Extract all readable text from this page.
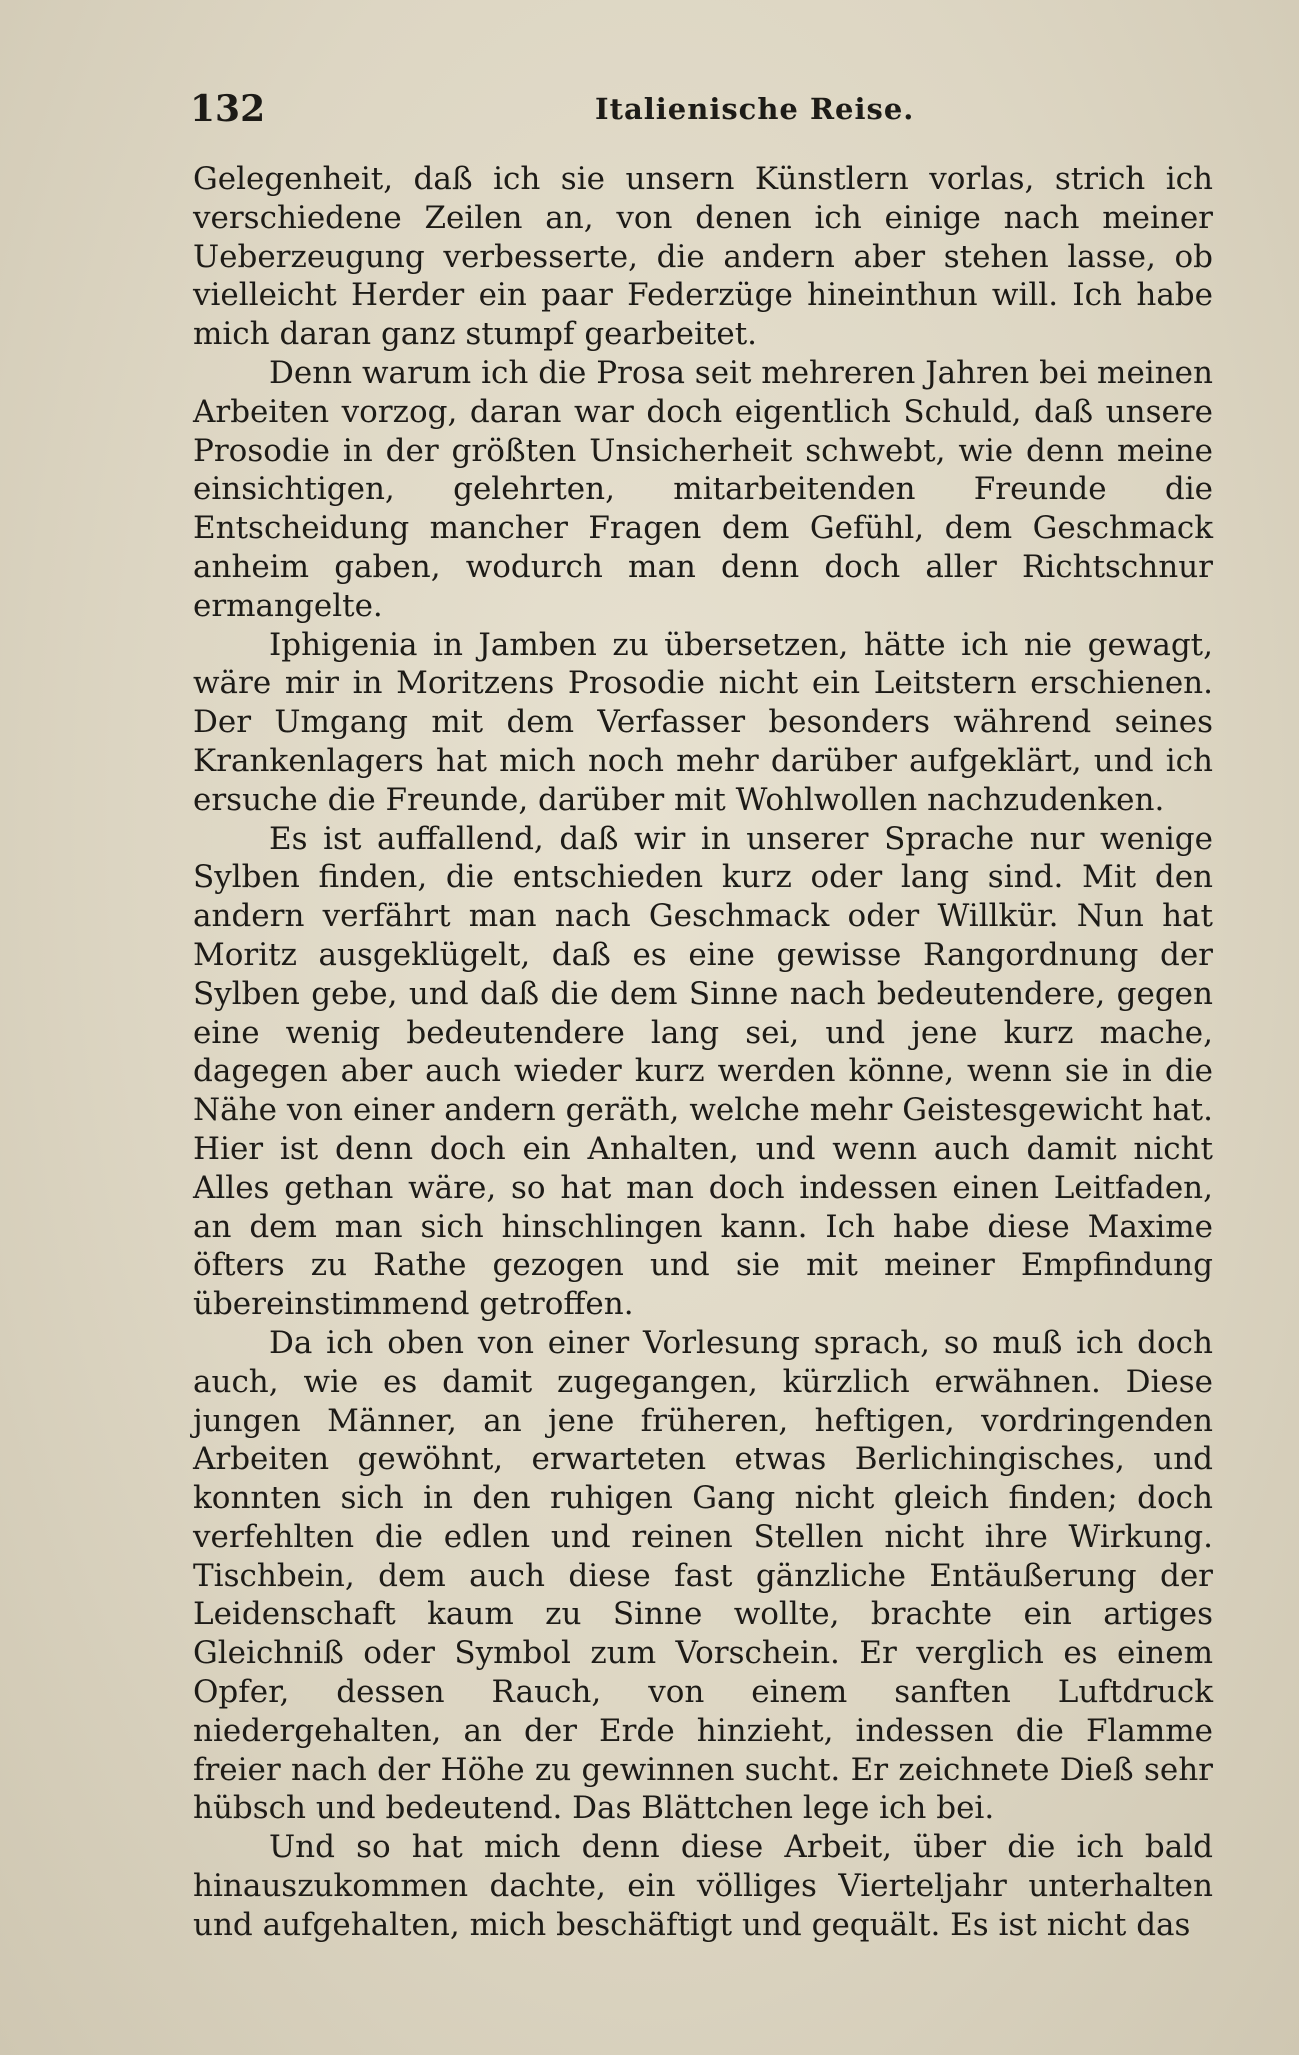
132	Italienische Reise.

Gelegenheit, daß ich sie unsern Künstlern vorlas, strich ich verschiedene Zeilen an, von denen ich einige nach meiner Ueberzeugung verbesserte, die andern aber stehen lasse, ob vielleicht Herder ein paar Federzüge hineinthun will. Ich habe mich daran ganz stumpf gearbeitet.

Denn warum ich die Prosa seit mehreren Jahren bei meinen Arbeiten vorzog, daran war doch eigentlich Schuld, daß unsere Prosodie in der größten Unsicherheit schwebt, wie denn meine einsichtigen, gelehrten, mitarbeitenden Freunde die Entscheidung mancher Fragen dem Gefühl, dem Geschmack anheim gaben, wodurch man denn doch aller Richtschnur ermangelte.

Iphigenia in Jamben zu übersetzen, hätte ich nie gewagt, wäre mir in Moritzens Prosodie nicht ein Leitstern erschienen. Der Umgang mit dem Verfasser besonders während seines Krankenlagers hat mich noch mehr darüber aufgeklärt, und ich ersuche die Freunde, darüber mit Wohlwollen nachzudenken.

Es ist auffallend, daß wir in unserer Sprache nur wenige Sylben finden, die entschieden kurz oder lang sind. Mit den andern verfährt man nach Geschmack oder Willkür. Nun hat Moritz ausgeklügelt, daß es eine gewisse Rangordnung der Sylben gebe, und daß die dem Sinne nach bedeutendere, gegen eine wenig bedeutendere lang sei, und jene kurz mache, dagegen aber auch wieder kurz werden könne, wenn sie in die Nähe von einer andern geräth, welche mehr Geistesgewicht hat. Hier ist denn doch ein Anhalten, und wenn auch damit nicht Alles gethan wäre, so hat man doch indessen einen Leitfaden, an dem man sich hinschlingen kann. Ich habe diese Maxime öfters zu Rathe gezogen und sie mit meiner Empfindung übereinstimmend getroffen.

Da ich oben von einer Vorlesung sprach, so muß ich doch auch, wie es damit zugegangen, kürzlich erwähnen. Diese jungen Männer, an jene früheren, heftigen, vordringenden Arbeiten gewöhnt, erwarteten etwas Berlichingisches, und konnten sich in den ruhigen Gang nicht gleich finden; doch verfehlten die edlen und reinen Stellen nicht ihre Wirkung. Tischbein, dem auch diese fast gänzliche Entäußerung der Leidenschaft kaum zu Sinne wollte, brachte ein artiges Gleichniß oder Symbol zum Vorschein. Er verglich es einem Opfer, dessen Rauch, von einem sanften Luftdruck niedergehalten, an der Erde hinzieht, indessen die Flamme freier nach der Höhe zu gewinnen sucht. Er zeichnete Dieß sehr hübsch und bedeutend. Das Blättchen lege ich bei.

Und so hat mich denn diese Arbeit, über die ich bald hinauszukommen dachte, ein völliges Vierteljahr unterhalten und aufgehalten, mich beschäftigt und gequält. Es ist nicht das
